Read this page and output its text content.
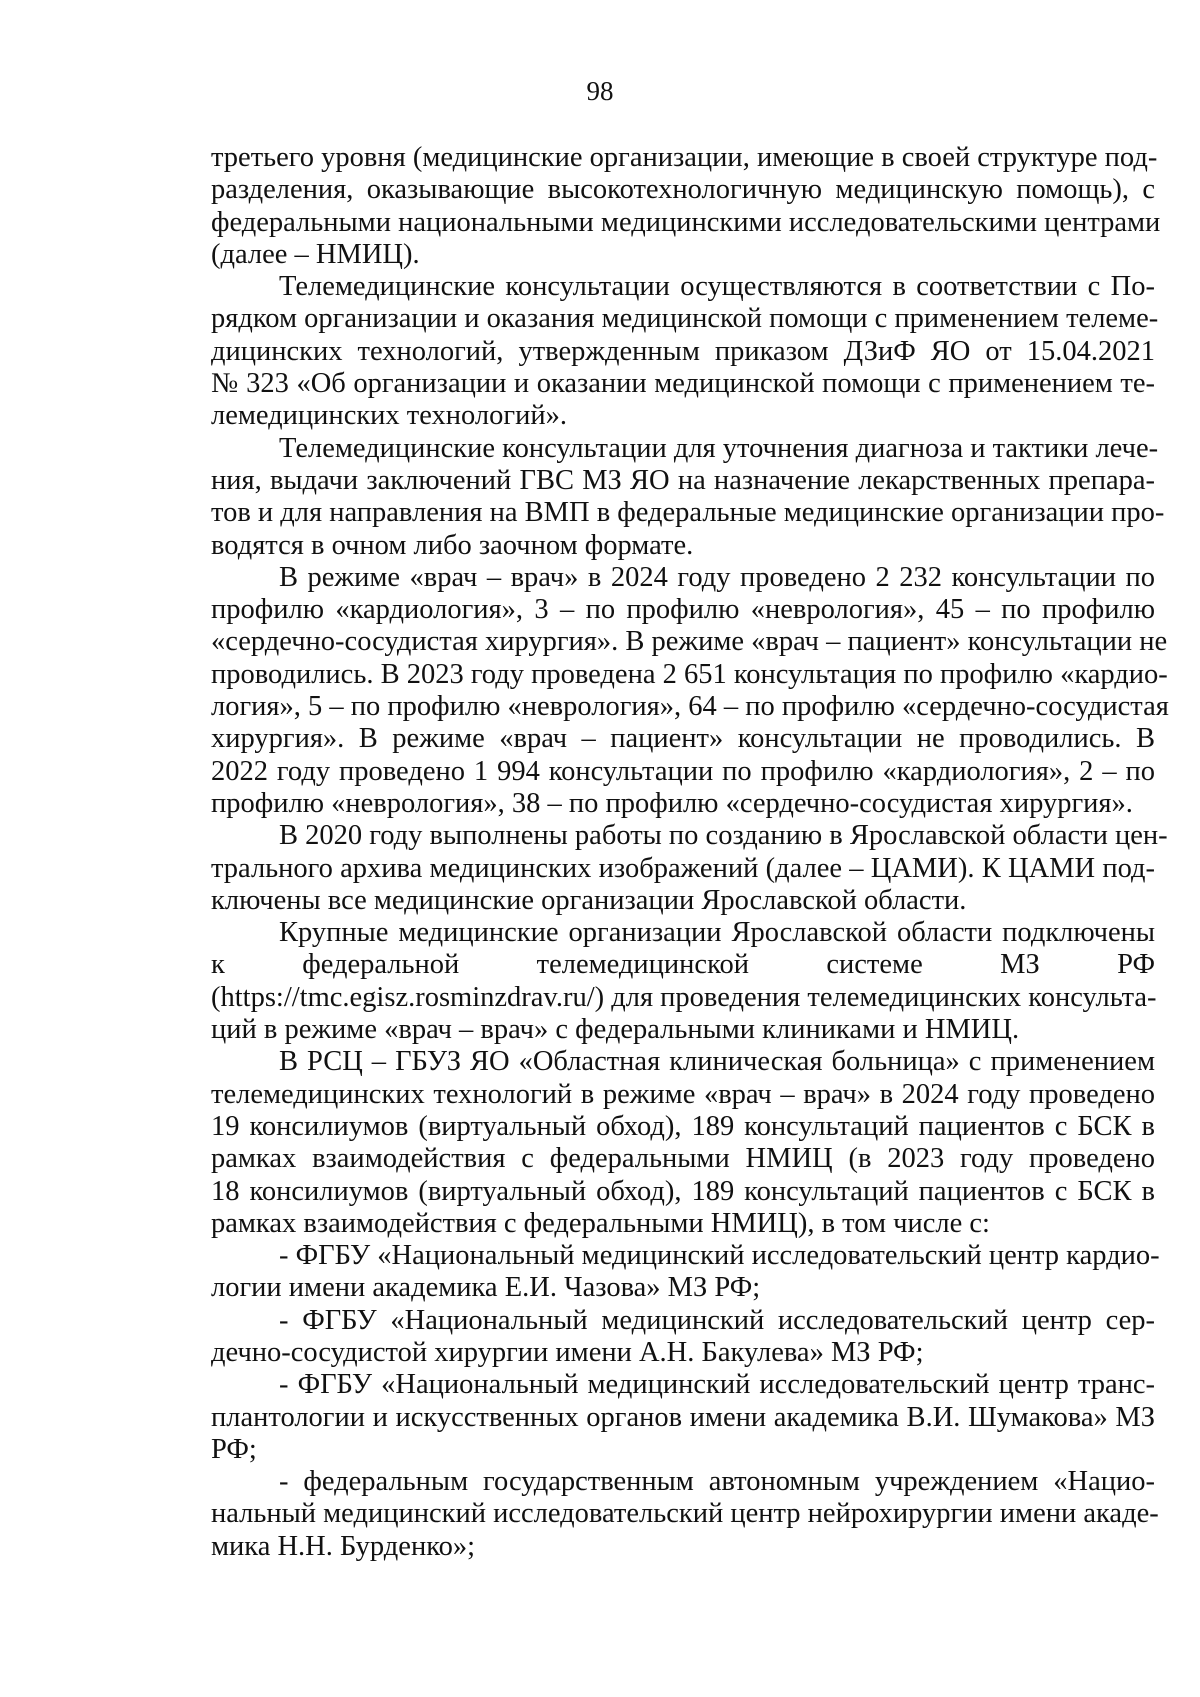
98
третьего уровня (медицинские организации, имеющие в своей структуре под-
разделения, оказывающие высокотехнологичную медицинскую помощь), с
федеральными национальными медицинскими исследовательскими центрами
(далее – НМИЦ).
Телемедицинские консультации осуществляются в соответствии с По-
рядком организации и оказания медицинской помощи с применением телеме-
дицинских технологий, утвержденным приказом ДЗиФ ЯО от 15.04.2021
№ 323 «Об организации и оказании медицинской помощи с применением те-
лемедицинских технологий».
Телемедицинские консультации для уточнения диагноза и тактики лече-
ния, выдачи заключений ГВС МЗ ЯО на назначение лекарственных препара-
тов и для направления на ВМП в федеральные медицинские организации про-
водятся в очном либо заочном формате.
В режиме «врач – врач» в 2024 году проведено 2 232 консультации по
профилю «кардиология», 3 – по профилю «неврология», 45 – по профилю
«сердечно-сосудистая хирургия». В режиме «врач – пациент» консультации не
проводились. В 2023 году проведена 2 651 консультация по профилю «кардио-
логия», 5 – по профилю «неврология», 64 – по профилю «сердечно-сосудистая
хирургия». В режиме «врач – пациент» консультации не проводились. В
2022 году проведено 1 994 консультации по профилю «кардиология», 2 – по
профилю «неврология», 38 – по профилю «сердечно-сосудистая хирургия».
В 2020 году выполнены работы по созданию в Ярославской области цен-
трального архива медицинских изображений (далее – ЦАМИ). К ЦАМИ под-
ключены все медицинские организации Ярославской области.
Крупные медицинские организации Ярославской области подключены
к федеральной телемедицинской системе МЗ РФ
(https://tmc.egisz.rosminzdrav.ru/) для проведения телемедицинских консульта-
ций в режиме «врач – врач» с федеральными клиниками и НМИЦ.
В РСЦ – ГБУЗ ЯО «Областная клиническая больница» с применением
телемедицинских технологий в режиме «врач – врач» в 2024 году проведено
19 консилиумов (виртуальный обход), 189 консультаций пациентов с БСК в
рамках взаимодействия с федеральными НМИЦ (в 2023 году проведено
18 консилиумов (виртуальный обход), 189 консультаций пациентов с БСК в
рамках взаимодействия с федеральными НМИЦ), в том числе с:
- ФГБУ «Национальный медицинский исследовательский центр кардио-
логии имени академика Е.И. Чазова» МЗ РФ;
- ФГБУ «Национальный медицинский исследовательский центр сер-
дечно-сосудистой хирургии имени А.Н. Бакулева» МЗ РФ;
- ФГБУ «Национальный медицинский исследовательский центр транс-
плантологии и искусственных органов имени академика В.И. Шумакова» МЗ
РФ;
- федеральным государственным автономным учреждением «Нацио-
нальный медицинский исследовательский центр нейрохирургии имени акаде-
мика Н.Н. Бурденко»;
